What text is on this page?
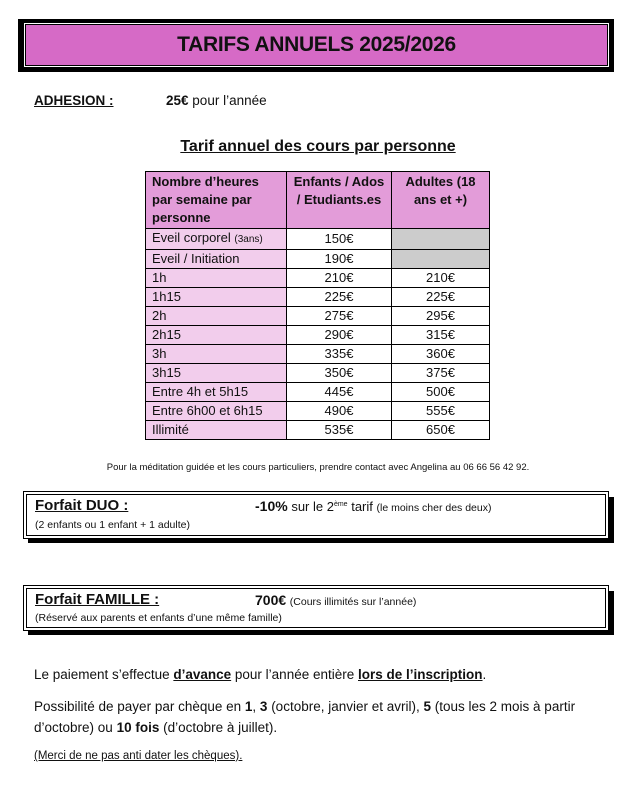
TARIFS ANNUELS 2025/2026
ADHESION :	25€ pour l’année
Tarif annuel des cours par personne
Nombre d’heures par semaine par personne	Enfants / Ados / Etudiants.es	Adultes (18 ans et +)
Eveil corporel (3ans)	150€	
Eveil / Initiation	190€	
1h	210€	210€
1h15	225€	225€
2h	275€	295€
2h15	290€	315€
3h	335€	360€
3h15	350€	375€
Entre 4h et 5h15	445€	500€
Entre 6h00 et 6h15	490€	555€
Illimité	535€	650€
Pour la méditation guidée et les cours particuliers, prendre contact avec Angelina au 06 66 56 42 92.
Forfait DUO :	-10% sur le 2ème tarif (le moins cher des deux)
(2 enfants ou 1 enfant + 1 adulte)
Forfait FAMILLE :	700€ (Cours illimités sur l’année)
(Réservé aux parents et enfants d’une même famille)
Le paiement s’effectue d’avance pour l’année entière lors de l’inscription.
Possibilité de payer par chèque en 1, 3 (octobre, janvier et avril), 5 (tous les 2 mois à partir d’octobre) ou 10 fois (d’octobre à juillet).
(Merci de ne pas anti dater les chèques).
